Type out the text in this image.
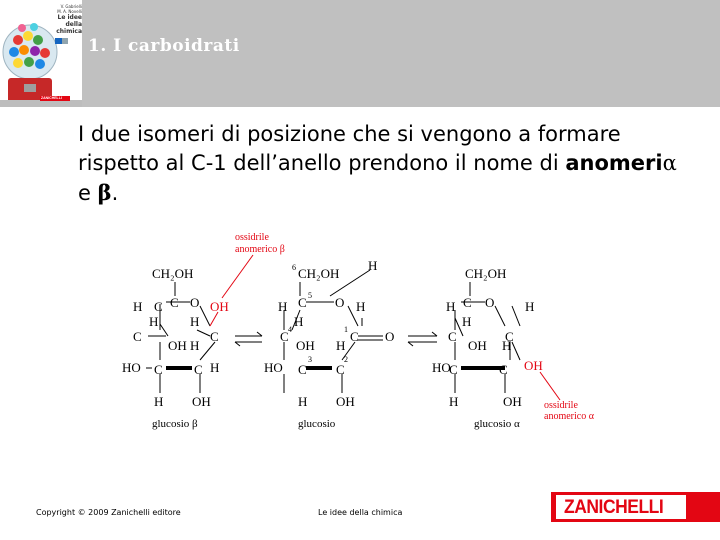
V. Gabrielli
M. A. Novelli
Le idee della
chimica
ZANICHELLI
1. I carboidrati
I due isomeri di posizione che si vengono a formare rispetto al C-1 dell’anello prendono il nome di anomeriα e β.
CH₂OH
C O OH
H C
C
OH
H H
C
H
HO C C H
H OH
glucosio β
ossidrile
anomerico β
6 CH₂OH
H
H C 5 O H
C 4
H
OH
C
1	O
H
HO C
3
C
2
H OH
glucosio
CH₂OH
C O H
H
C
H
OH
C
H
HO
C	C OH
H	OH
glucosio α
ossidrile
anomerico α
Copyright © 2009 Zanichelli editore	Le idee della chimica	ZANICHELLI
